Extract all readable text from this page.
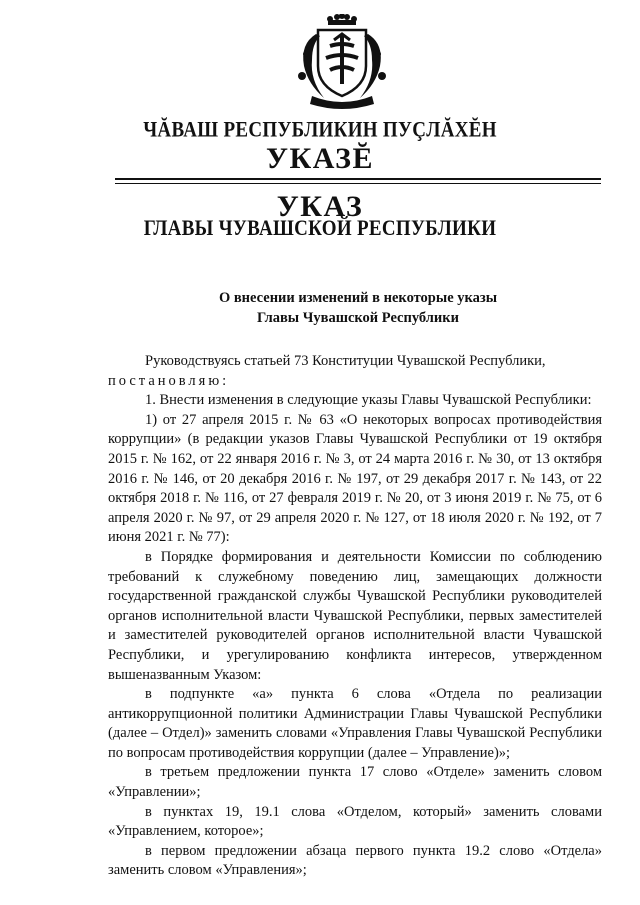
ЧĂВАШ РЕСПУБЛИКИН ПУÇЛĂХĔН
УКАЗĔ
УКАЗ
ГЛАВЫ ЧУВАШСКОЙ РЕСПУБЛИКИ
О внесении изменений в некоторые указы
Главы Чувашской Республики

Руководствуясь статьей 73 Конституции Чувашской Республики,

постановляю:

1. Внести изменения в следующие указы Главы Чувашской Республики:

1) от 27 апреля 2015 г. № 63 «О некоторых вопросах противодействия коррупции» (в редакции указов Главы Чувашской Республики от 19 октября 2015 г. № 162, от 22 января 2016 г. № 3, от 24 марта 2016 г. № 30, от 13 октября 2016 г. № 146, от 20 декабря 2016 г. № 197, от 29 декабря 2017 г. № 143, от 22 октября 2018 г. № 116, от 27 февраля 2019 г. № 20, от 3 июня 2019 г. № 75, от 6 апреля 2020 г. № 97, от 29 апреля 2020 г. № 127, от 18 июля 2020 г. № 192, от 7 июня 2021 г. № 77):

в Порядке формирования и деятельности Комиссии по соблюдению требований к служебному поведению лиц, замещающих должности государственной гражданской службы Чувашской Республики руководителей органов исполнительной власти Чувашской Республики, первых заместителей и заместителей руководителей органов исполнительной власти Чувашской Республики, и урегулированию конфликта интересов, утвержденном вышеназванным Указом:

в подпункте «а» пункта 6 слова «Отдела по реализации антикоррупционной политики Администрации Главы Чувашской Республики (далее – Отдел)» заменить словами «Управления Главы Чувашской Республики по вопросам противодействия коррупции (далее – Управление)»;

в третьем предложении пункта 17 слово «Отделе» заменить словом «Управлении»;

в пунктах 19, 19.1 слова «Отделом, который» заменить словами «Управлением, которое»;

в первом предложении абзаца первого пункта 19.2 слово «Отдела» заменить словом «Управления»;
